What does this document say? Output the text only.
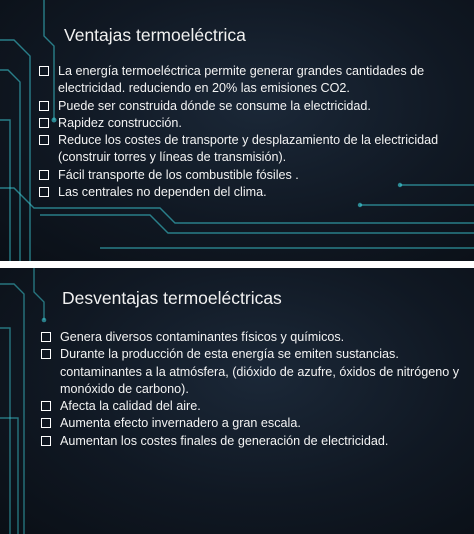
Ventajas termoeléctrica
La energía termoeléctrica permite generar grandes cantidades de
electricidad. reduciendo en 20% las emisiones CO2.
Puede ser construida dónde se consume la electricidad.
Rapidez construcción.
Reduce los costes de transporte y desplazamiento de la electricidad
(construir torres y líneas de transmisión).
Fácil transporte de los combustible fósiles .
Las centrales no dependen del clima.
Desventajas termoeléctricas
Genera diversos contaminantes físicos y químicos.
Durante la producción de esta energía se emiten sustancias.
contaminantes a la atmósfera, (dióxido de azufre, óxidos de nitrógeno y
monóxido de carbono).
Afecta la calidad del aire.
Aumenta efecto invernadero a gran escala.
Aumentan los costes finales de generación de electricidad.
